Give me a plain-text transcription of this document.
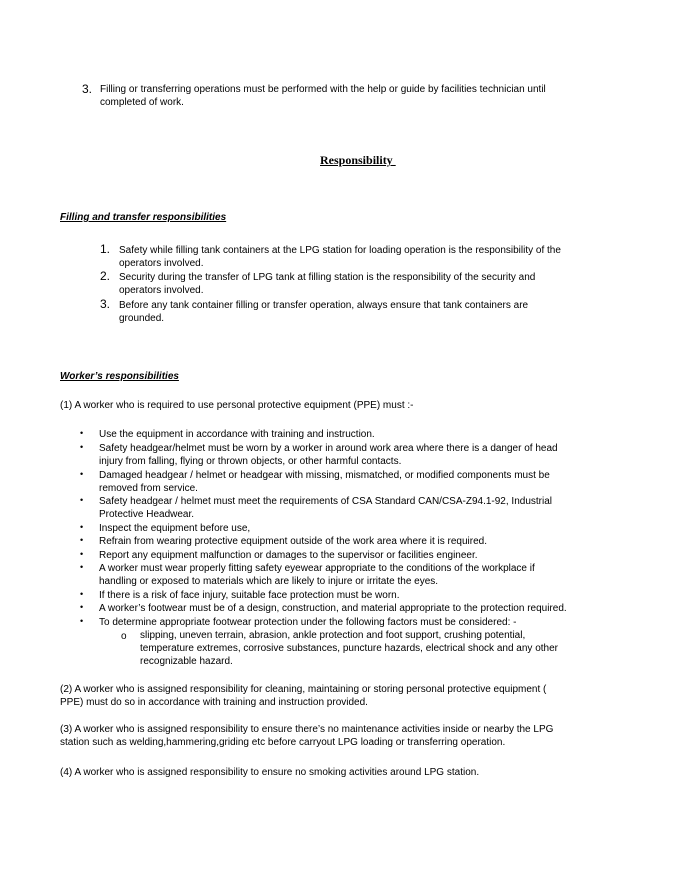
3. Filling or transferring operations must be performed with the help or guide by facilities technician until
completed of work.
Responsibility
Filling and transfer responsibilities
1. Safety while filling tank containers at the LPG station for loading operation is the responsibility of the
operators involved.
2. Security during the transfer of LPG tank at filling station is the responsibility of the security and
operators involved.
3. Before any tank container filling or transfer operation, always ensure that tank containers are
grounded.
Worker’s responsibilities
(1) A worker who is required to use personal protective equipment (PPE) must :-
• Use the equipment in accordance with training and instruction.
• Safety headgear/helmet must be worn by a worker in around work area where there is a danger of head
injury from falling, flying or thrown objects, or other harmful contacts.
• Damaged headgear / helmet or headgear with missing, mismatched, or modified components must be
removed from service.
• Safety headgear / helmet must meet the requirements of CSA Standard CAN/CSA-Z94.1-92, Industrial
Protective Headwear.
• Inspect the equipment before use,
• Refrain from wearing protective equipment outside of the work area where it is required.
• Report any equipment malfunction or damages to the supervisor or facilities engineer.
• A worker must wear properly fitting safety eyewear appropriate to the conditions of the workplace if
handling or exposed to materials which are likely to injure or irritate the eyes.
• If there is a risk of face injury, suitable face protection must be worn.
• A worker’s footwear must be of a design, construction, and material appropriate to the protection required.
• To determine appropriate footwear protection under the following factors must be considered: -
o slipping, uneven terrain, abrasion, ankle protection and foot support, crushing potential,
temperature extremes, corrosive substances, puncture hazards, electrical shock and any other
recognizable hazard.
(2) A worker who is assigned responsibility for cleaning, maintaining or storing personal protective equipment (
PPE) must do so in accordance with training and instruction provided.
(3) A worker who is assigned responsibility to ensure there’s no maintenance activities inside or nearby the LPG
station such as welding,hammering,griding etc before carryout LPG loading or transferring operation.
(4) A worker who is assigned responsibility to ensure no smoking activities around LPG station.
